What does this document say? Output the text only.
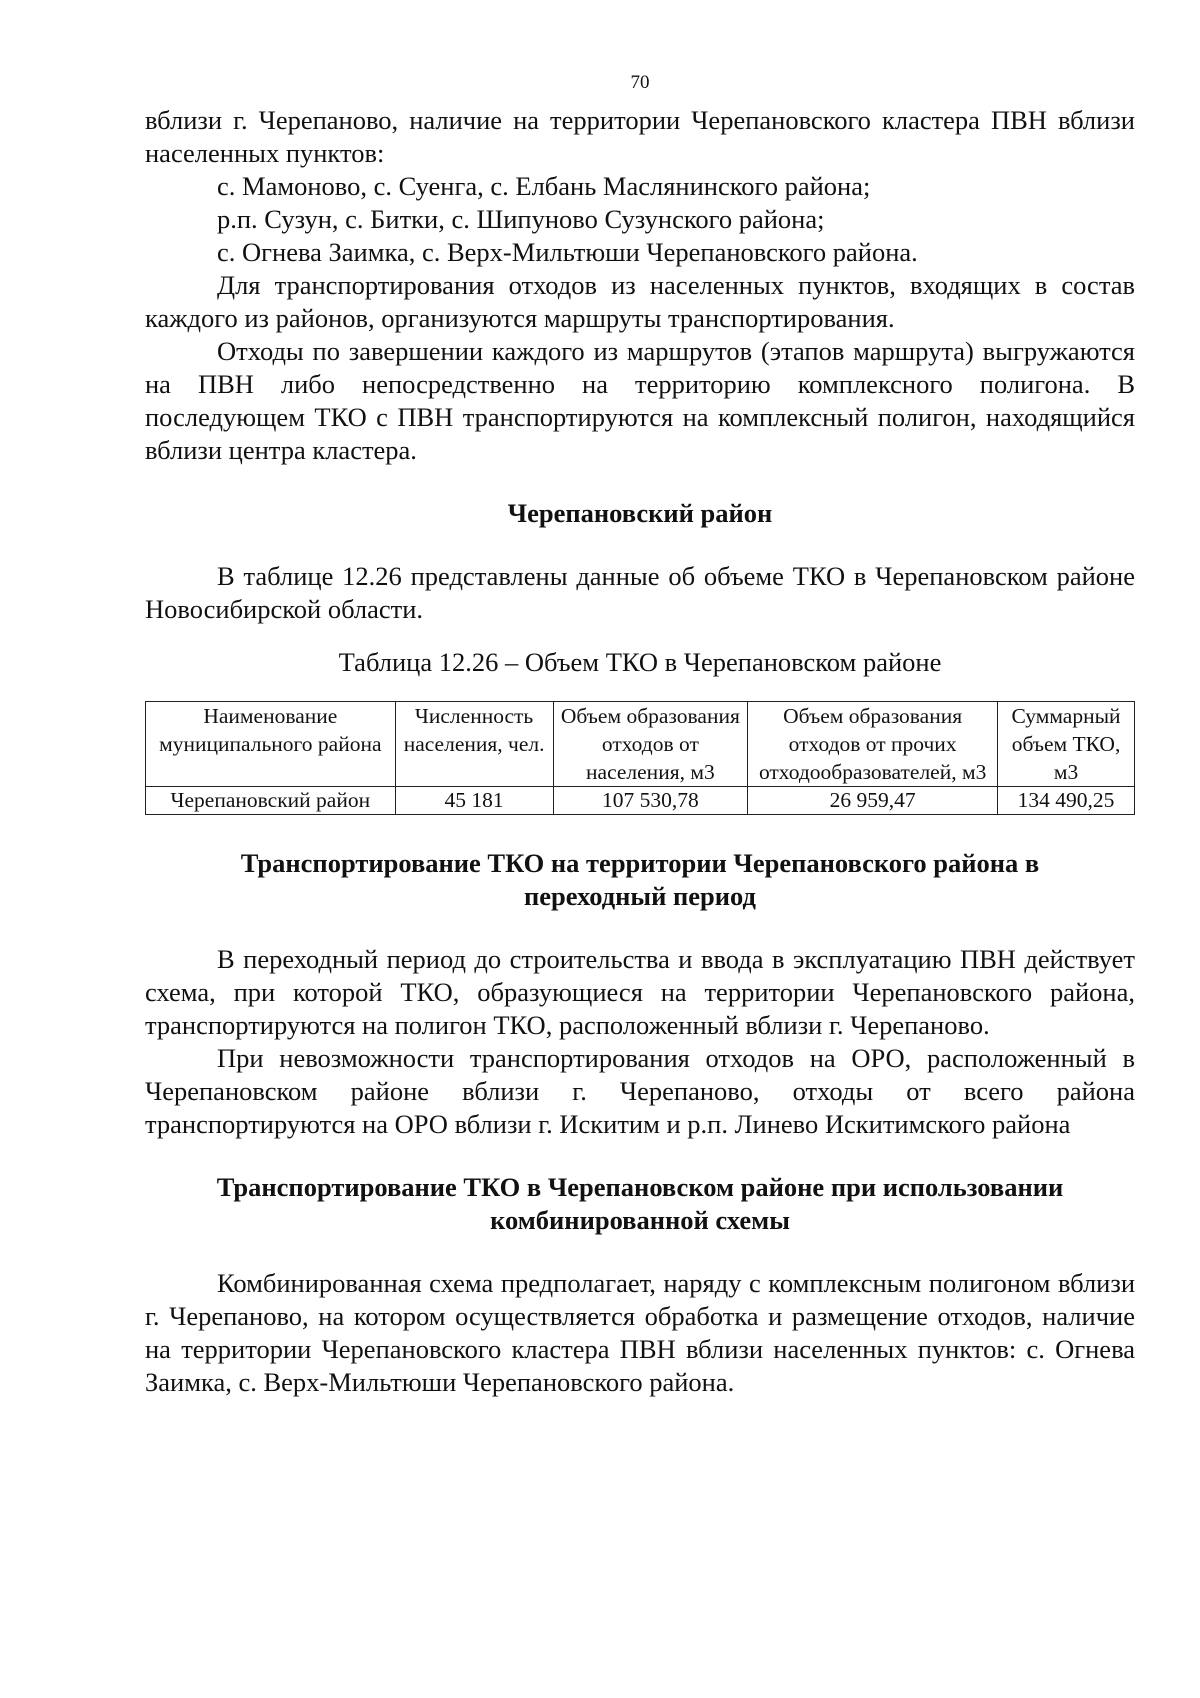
70

вблизи г. Черепаново, наличие на территории Черепановского кластера ПВН вблизи населенных пунктов:

с. Мамоново, с. Суенга, с. Елбань Маслянинского района;

р.п. Сузун, с. Битки, с. Шипуново Сузунского района;

с. Огнева Заимка, с. Верх-Мильтюши Черепановского района.

Для транспортирования отходов из населенных пунктов, входящих в состав каждого из районов, организуются маршруты транспортирования.

Отходы по завершении каждого из маршрутов (этапов маршрута) выгружаются на ПВН либо непосредственно на территорию комплексного полигона. В последующем ТКО с ПВН транспортируются на комплексный полигон, находящийся вблизи центра кластера.

Черепановский район

В таблице 12.26 представлены данные об объеме ТКО в Черепановском районе Новосибирской области.

Таблица 12.26 – Объем ТКО в Черепановском районе
Наименование муниципального района	Численность населения, чел.	Объем образования отходов от населения, м3	Объем образования отходов от прочих отходообразователей, м3	Суммарный объем ТКО, м3
Черепановский район	45 181	107 530,78	26 959,47	134 490,25
Транспортирование ТКО на территории Черепановского района в переходный период

В переходный период до строительства и ввода в эксплуатацию ПВН действует схема, при которой ТКО, образующиеся на территории Черепановского района, транспортируются на полигон ТКО, расположенный вблизи г. Черепаново.

При невозможности транспортирования отходов на ОРО, расположенный в Черепановском районе вблизи г. Черепаново, отходы от всего района транспортируются на ОРО вблизи г. Искитим и р.п. Линево Искитимского района

Транспортирование ТКО в Черепановском районе при использовании комбинированной схемы

Комбинированная схема предполагает, наряду с комплексным полигоном вблизи г. Черепаново, на котором осуществляется обработка и размещение отходов, наличие на территории Черепановского кластера ПВН вблизи населенных пунктов: с. Огнева Заимка, с. Верх-Мильтюши Черепановского района.
